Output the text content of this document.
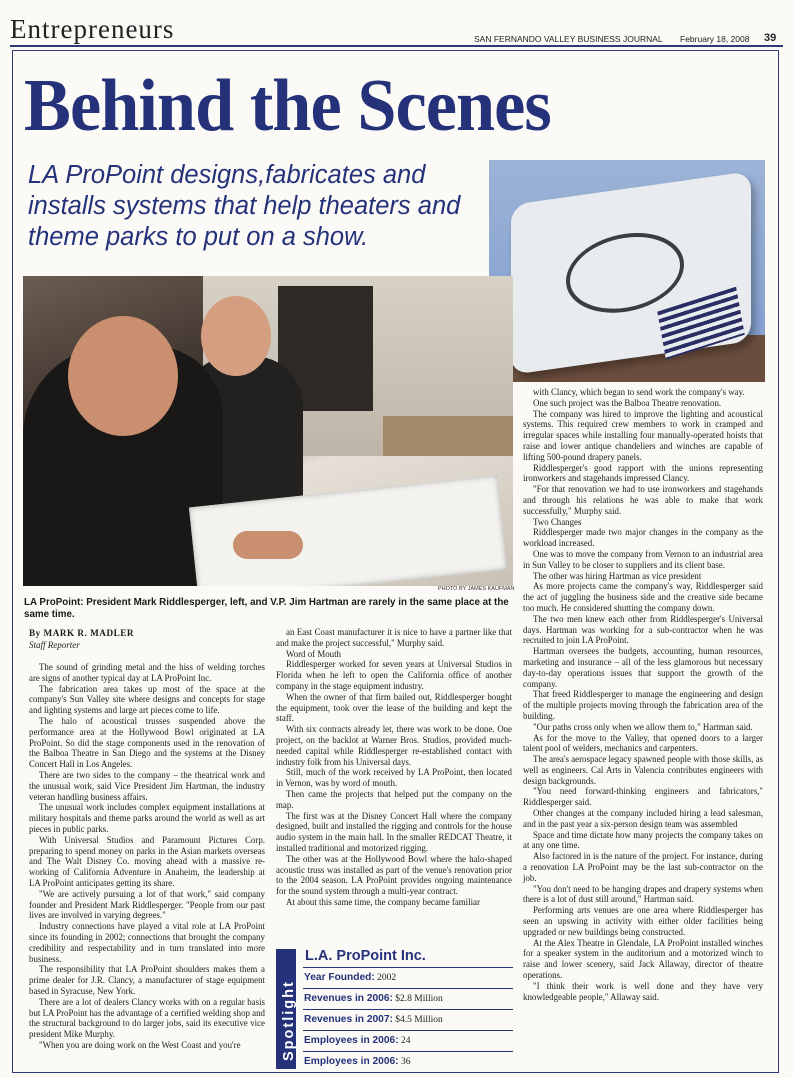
Entrepreneurs	SAN FERNANDO VALLEY BUSINESS JOURNAL February 18, 2008 39
Behind the Scenes

LA ProPoint designs,fabricates and installs systems that help theaters and theme parks to put on a show.

PHOTO BY JAMES KAUFMAN

LA ProPoint: President Mark Riddlesperger, left, and V.P. Jim Hartman are rarely in the same place at the same time.

By MARK R. MADLER

Staff Reporter

The sound of grinding metal and the hiss of welding torches are signs of another typical day at LA ProPoint Inc.

The fabrication area takes up most of the space at the company's Sun Valley site where designs and concepts for stage and lighting systems and large art pieces come to life.

The halo of acoustical trusses suspended above the performance area at the Hollywood Bowl originated at LA ProPoint. So did the stage components used in the renovation of the Balboa Theatre in San Diego and the systems at the Disney Concert Hall in Los Angeles.

There are two sides to the company – the theatrical work and the unusual work, said Vice President Jim Hartman, the industry veteran handling business affairs.

The unusual work includes complex equipment installations at military hospitals and theme parks around the world as well as art pieces in public parks.

With Universal Studios and Paramount Pictures Corp. preparing to spend money on parks in the Asian markets overseas and The Walt Disney Co. moving ahead with a massive re-working of California Adventure in Anaheim, the leadership at LA ProPoint anticipates getting its share.

"We are actively pursuing a lot of that work," said company founder and President Mark Riddlesperger. "People from our past lives are involved in varying degrees."

Industry connections have played a vital role at LA ProPoint since its founding in 2002; connections that brought the company credibility and respectability and in turn translated into more business.

The responsibility that LA ProPoint shoulders makes them a prime dealer for J.R. Clancy, a manufacturer of stage equipment based in Syracuse, New York.

There are a lot of dealers Clancy works with on a regular basis but LA ProPoint has the advantage of a certified welding shop and the structural background to do larger jobs, said its executive vice president Mike Murphy.

"When you are doing work on the West Coast and you're

an East Coast manufacturer it is nice to have a partner like that and make the project successful," Murphy said.

Word of Mouth

Riddlesperger worked for seven years at Universal Studios in Florida when he left to open the California office of another company in the stage equipment industry.

When the owner of that firm bailed out, Riddlesperger bought the equipment, took over the lease of the building and kept the staff.

With six contracts already let, there was work to be done. One project, on the backlot at Warner Bros. Studios, provided much-needed capital while Riddlesperger re-established contact with industry folk from his Universal days.

Still, much of the work received by LA ProPoint, then located in Vernon, was by word of mouth.

Then came the projects that helped put the company on the map.

The first was at the Disney Concert Hall where the company designed, built and installed the rigging and controls for the house audio system in the main hall. In the smaller REDCAT Theatre, it installed traditional and motorized rigging.

The other was at the Hollywood Bowl where the halo-shaped acoustic truss was installed as part of the venue's renovation prior to the 2004 season. LA ProPoint provides ongoing maintenance for the sound system through a multi-year contract.

At about this same time, the company became familiar

with Clancy, which began to send work the company's way.

One such project was the Balboa Theatre renovation.

The company was hired to improve the lighting and acoustical systems. This required crew members to work in cramped and irregular spaces while installing four manually-operated hoists that raise and lower antique chandeliers and winches are capable of lifting 500-pound drapery panels.

Riddlesperger's good rapport with the unions representing ironworkers and stagehands impressed Clancy.

"For that renovation we had to use ironworkers and stagehands and through his relations he was able to make that work successfully," Murphy said.

Two Changes

Riddlesperger made two major changes in the company as the workload increased.

One was to move the company from Vernon to an industrial area in Sun Valley to be closer to suppliers and its client base.

The other was hiring Hartman as vice president

As more projects came the company's way, Riddlesperger said the act of juggling the business side and the creative side became too much. He considered shutting the company down.

The two men knew each other from Riddlesperger's Universal days. Hartman was working for a sub-contractor when he was recruited to join LA ProPoint.

Hartman oversees the budgets, accounting, human resources, marketing and insurance – all of the less glamorous but necessary day-to-day operations issues that support the growth of the company.

That freed Riddlesperger to manage the engineering and design of the multiple projects moving through the fabrication area of the building.

"Our paths cross only when we allow them to," Hartman said.

As for the move to the Valley, that opened doors to a larger talent pool of welders, mechanics and carpenters.

The area's aerospace legacy spawned people with those skills, as well as engineers. Cal Arts in Valencia contributes engineers with design backgrounds.

"You need forward-thinking engineers and fabricators," Riddlesperger said.

Other changes at the company included hiring a lead salesman, and in the past year a six-person design team was assembled

Space and time dictate how many projects the company takes on at any one time.

Also factored in is the nature of the project. For instance, during a renovation LA ProPoint may be the last sub-contractor on the job.

"You don't need to be hanging drapes and drapery systems when there is a lot of dust still around," Hartman said.

Performing arts venues are one area where Riddlesperger has seen an upswing in activity with either older facilities being upgraded or new buildings being constructed.

At the Alex Theatre in Glendale, LA ProPoint installed winches for a speaker system in the auditorium and a motorized winch to raise and lower scenery, said Jack Allaway, director of theatre operations.

"I think their work is well done and they have very knowledgeable people," Allaway said.

Spotlight

L.A. ProPoint Inc.

Year Founded: 2002
Revenues in 2006: $2.8 Million
Revenues in 2007: $4.5 Million
Employees in 2006: 24
Employees in 2006: 36
